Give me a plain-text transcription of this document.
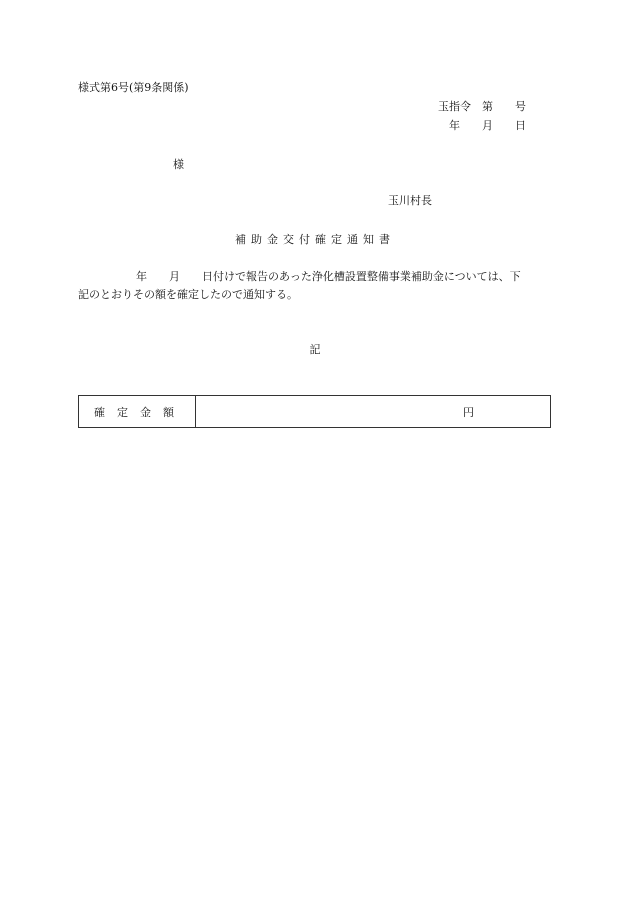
様式第6号(第9条関係)
玉指令　第　　号
年　　月　　日
様
玉川村長
補助金交付確定通知書
年　　月　　日付けで報告のあった浄化槽設置整備事業補助金については、下
記のとおりその額を確定したので通知する。
記
確定金額	円
